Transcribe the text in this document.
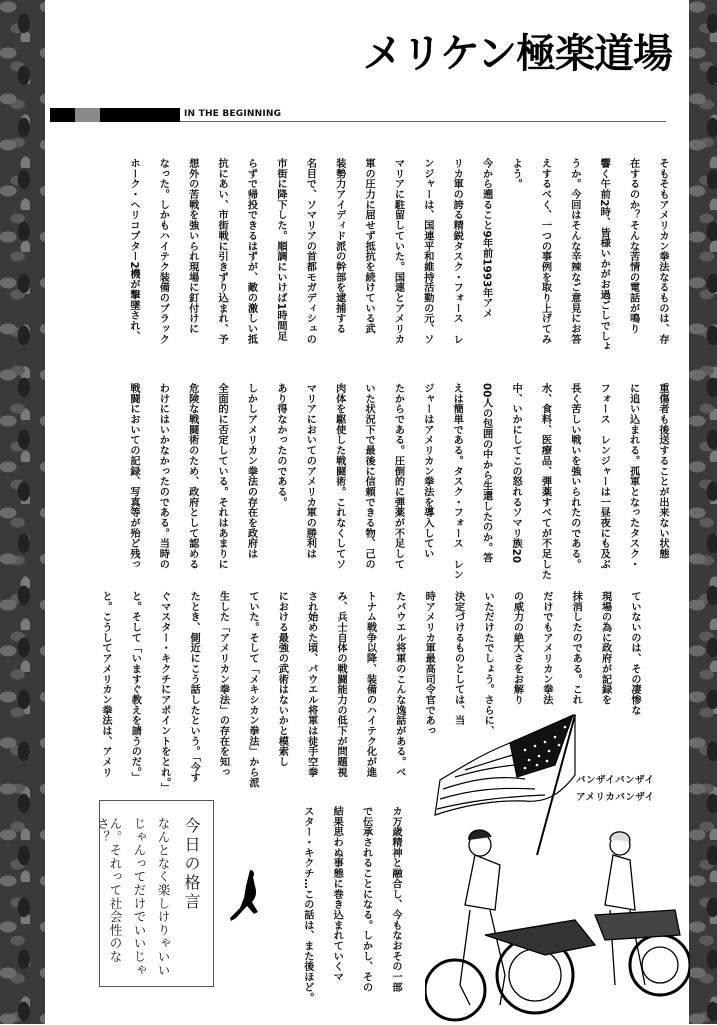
メリケン極楽道場
IN THE BEGINNING
そもそもアメリカン拳法なるものは、存
在するのか？そんな苦情の電話が鳴り
響く午前2時、皆様いかがお過ごしでしょ
うか。今回はそんな辛辣なご意見にお答
えするべく、一つの事例を取り上げてみ
よう。
今から遡ること9年前1993年アメ
リカ軍の誇る精鋭タスク・フォース　レ
ンジャーは、国連平和維持活動の元、ソ
マリアに駐留していた。国連とアメリカ
軍の圧力に屈せず抵抗を続けている武
装勢力アイディド派の幹部を逮捕する
名目で、ソマリアの首都モガディシュの
市街に降下した。順調にいけば1時間足
らずで帰投できるはずが、敵の激しい抵
抗にあい、市街戦に引きずり込まれ、予
想外の苦戦を強いられ現場に釘付けに
なった。しかもハイテク装備のブラック
ホーク・ヘリコプター2機が撃墜され、
重傷者も後送することが出来ない状態
に追い込まれる。孤軍となったタスク・
フォース　レンジャーは一昼夜にも及ぶ
長く苦しい戦いを強いられたのである。
水、食料、医療品、弾薬すべてが不足した
中、いかにしてこの怒れるソマリ族20
00人の包囲の中から生還したのか。答
えは簡単である。タスク・フォース　レン
ジャーはアメリカン拳法を導入してい
たからである。圧倒的に弾薬が不足して
いた状況下で最後に信頼できる物、己の
肉体を駆使した戦闘術。これなくしてソ
マリアにおいてのアメリカ軍の勝利は
あり得なかったのである。
しかしアメリカン拳法の存在を政府は
全面的に否定している。それはあまりに
危険な戦闘術のため、政府として認める
わけにはいかなかったのである。当時の
戦闘においての記録、写真等が殆ど残っ
ていないのは、その凄惨な
現場の為に政府が記録を
抹消したのである。これ
だけでもアメリカン拳法
の威力の絶大さをお解り
いただけたでしょう。さらに、
決定づけるものとしては、当
時アメリカ軍最高司令官であっ
たパウエル将軍のこんな逸話がある。ベ
トナム戦争以降、装備のハイテク化が進
み、兵士自体の戦闘能力の低下が問題視
され始めた頃、パウエル将軍は徒手空拳
における最強の武術はないかと模索し
ていた。そして「メキシカン拳法」から派
生した「アメリカン拳法」の存在を知っ
たとき、側近にこう話したという。「今す
ぐマスター・キクチにアポイントをとれ。」
と。そして「いますぐ教えを請うのだ。」
と。こうしてアメリカン拳法は、アメリ
カ万歳精神と融合し、今もなおその一部
で伝承されることになる。しかし、その
結果思わぬ事態に巻き込まれていくマ
スター・キクチ…この話は、また後ほど。
今日の格言
なんとなく楽しけりゃいい
じゃんってだけでいいじゃ
ん。それって社会性のなさ？
バンザイバンザイ
アメリカバンザイ
